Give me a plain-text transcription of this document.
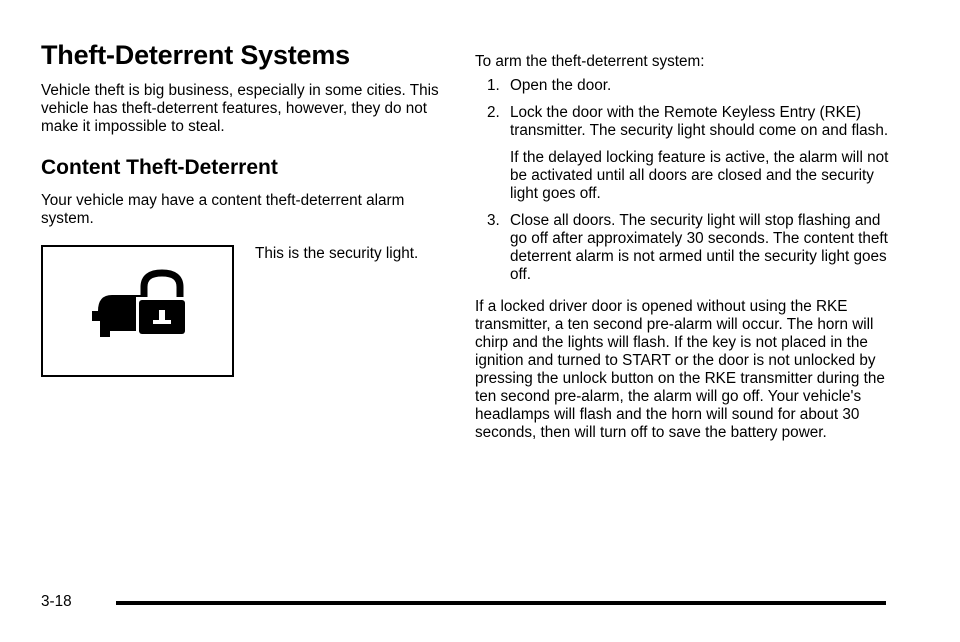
Theft-Deterrent Systems

Vehicle theft is big business, especially in some cities. This vehicle has theft-deterrent features, however, they do not make it impossible to steal.

Content Theft-Deterrent

Your vehicle may have a content theft-deterrent alarm system.

This is the security light.

To arm the theft-deterrent system:

1. Open the door.

2. Lock the door with the Remote Keyless Entry (RKE) transmitter. The security light should come on and flash.

If the delayed locking feature is active, the alarm will not be activated until all doors are closed and the security light goes off.

3. Close all doors. The security light will stop flashing and go off after approximately 30 seconds. The content theft deterrent alarm is not armed until the security light goes off.

If a locked driver door is opened without using the RKE transmitter, a ten second pre-alarm will occur. The horn will chirp and the lights will flash. If the key is not placed in the ignition and turned to START or the door is not unlocked by pressing the unlock button on the RKE transmitter during the ten second pre-alarm, the alarm will go off. Your vehicle's headlamps will flash and the horn will sound for about 30 seconds, then will turn off to save the battery power.

3-18
